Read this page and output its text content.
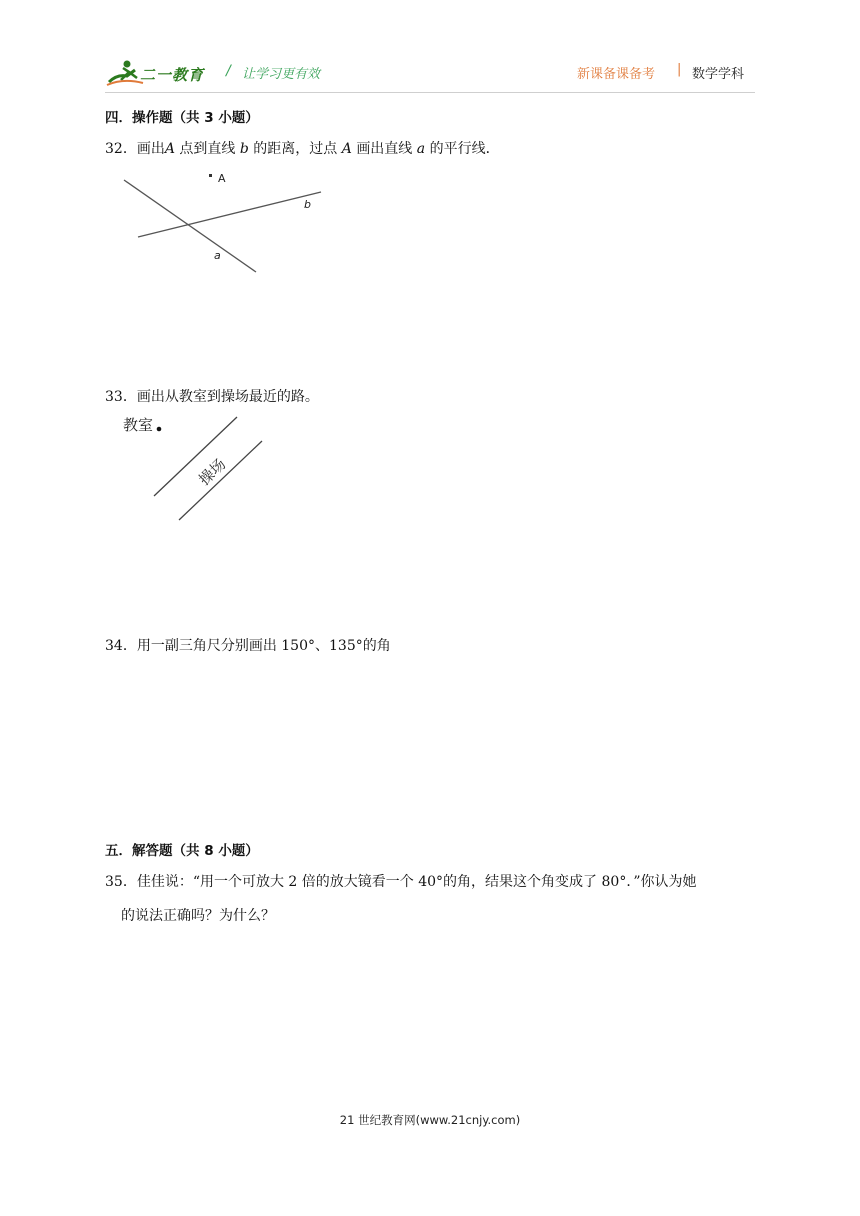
二一教育 / 让学习更有效	新课备课备考 | 数学学科
四．操作题（共 3 小题）
32．画出A 点到直线 b 的距离，过点 A 画出直线 a 的平行线．
A
b
a
33．画出从教室到操场最近的路。
教室
操场
34．用一副三角尺分别画出 150°、135°的角
五．解答题（共 8 小题）
35．佳佳说：“用一个可放大 2 倍的放大镜看一个 40°的角，结果这个角变成了 80°．”你认为她
的说法正确吗？为什么？
21 世纪教育网(www.21cnjy.com)
